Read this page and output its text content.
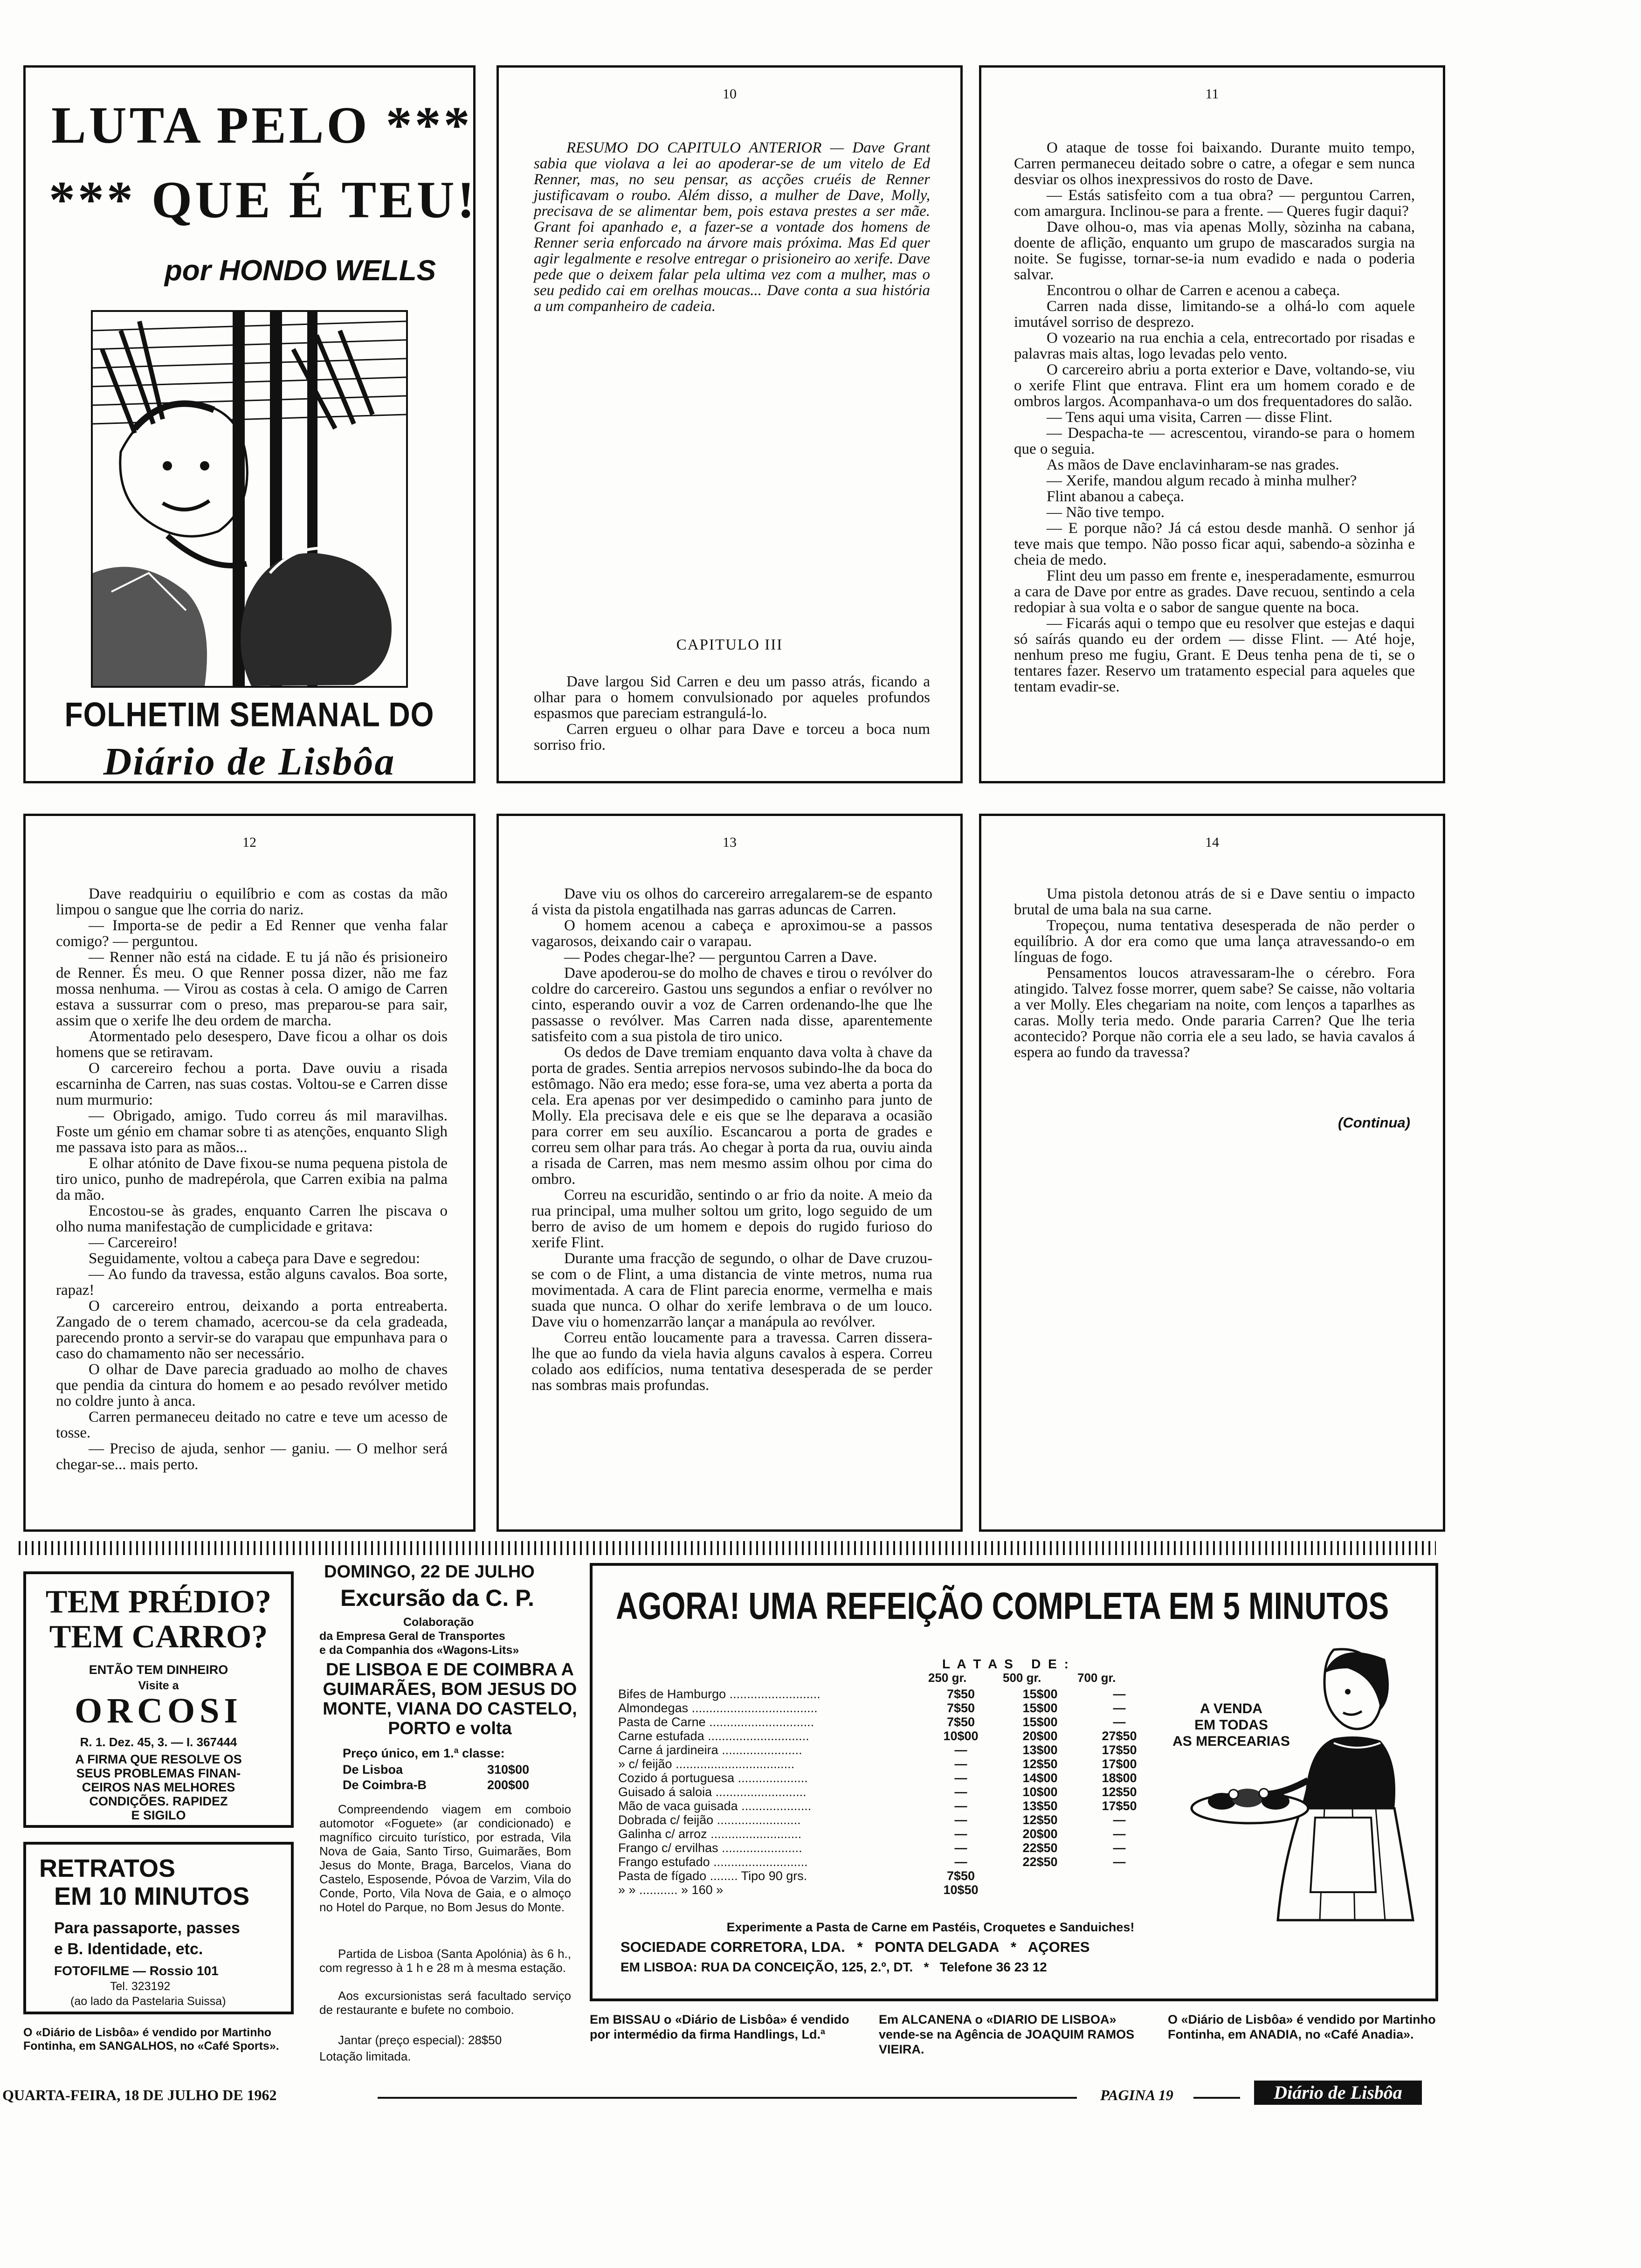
LUTA PELO ***
*** QUE É TEU!
por HONDO WELLS
FOLHETIM SEMANAL DO
Diário de Lisbôa
10

RESUMO DO CAPITULO ANTERIOR — Dave Grant sabia que violava a lei ao apoderar-se de um vitelo de Ed Renner, mas, no seu pensar, as acções cruéis de Renner justificavam o roubo. Além disso, a mulher de Dave, Molly, precisava de se alimentar bem, pois estava prestes a ser mãe. Grant foi apanhado e, a fazer-se a vontade dos homens de Renner seria enforcado na árvore mais próxima. Mas Ed quer agir legalmente e resolve entregar o prisioneiro ao xerife. Dave pede que o deixem falar pela ultima vez com a mulher, mas o seu pedido cai em orelhas moucas... Dave conta a sua história a um companheiro de cadeia.

CAPITULO III

Dave largou Sid Carren e deu um passo atrás, ficando a olhar para o homem convulsionado por aqueles profundos espasmos que pareciam estrangulá-lo.

Carren ergueu o olhar para Dave e torceu a boca num sorriso frio.

11

O ataque de tosse foi baixando. Durante muito tempo, Carren permaneceu deitado sobre o catre, a ofegar e sem nunca desviar os olhos inexpressivos do rosto de Dave.

— Estás satisfeito com a tua obra? — perguntou Carren, com amargura. Inclinou-se para a frente. — Queres fugir daqui?

Dave olhou-o, mas via apenas Molly, sòzinha na cabana, doente de aflição, enquanto um grupo de mascarados surgia na noite. Se fugisse, tornar-se-ia num evadido e nada o poderia salvar.

Encontrou o olhar de Carren e acenou a cabeça.

Carren nada disse, limitando-se a olhá-lo com aquele imutável sorriso de desprezo.

O vozeario na rua enchia a cela, entrecortado por risadas e palavras mais altas, logo levadas pelo vento.

O carcereiro abriu a porta exterior e Dave, voltando-se, viu o xerife Flint que entrava. Flint era um homem corado e de ombros largos. Acompanhava-o um dos frequentadores do salão.

— Tens aqui uma visita, Carren — disse Flint.

— Despacha-te — acrescentou, virando-se para o homem que o seguia.

As mãos de Dave enclavinharam-se nas grades.

— Xerife, mandou algum recado à minha mulher?

Flint abanou a cabeça.

— Não tive tempo.

— E porque não? Já cá estou desde manhã. O senhor já teve mais que tempo. Não posso ficar aqui, sabendo-a sòzinha e cheia de medo.

Flint deu um passo em frente e, inesperadamente, esmurrou a cara de Dave por entre as grades. Dave recuou, sentindo a cela redopiar à sua volta e o sabor de sangue quente na boca.

— Ficarás aqui o tempo que eu resolver que estejas e daqui só saírás quando eu der ordem — disse Flint. — Até hoje, nenhum preso me fugiu, Grant. E Deus tenha pena de ti, se o tentares fazer. Reservo um tratamento especial para aqueles que tentam evadir-se.

12

Dave readquiriu o equilíbrio e com as costas da mão limpou o sangue que lhe corria do nariz.

— Importa-se de pedir a Ed Renner que venha falar comigo? — perguntou.

— Renner não está na cidade. E tu já não és prisioneiro de Renner. És meu. O que Renner possa dizer, não me faz mossa nenhuma. — Virou as costas à cela. O amigo de Carren estava a sussurrar com o preso, mas preparou-se para sair, assim que o xerife lhe deu ordem de marcha.

Atormentado pelo desespero, Dave ficou a olhar os dois homens que se retiravam.

O carcereiro fechou a porta. Dave ouviu a risada escarninha de Carren, nas suas costas. Voltou-se e Carren disse num murmurio:

— Obrigado, amigo. Tudo correu ás mil maravilhas. Foste um génio em chamar sobre ti as atenções, enquanto Sligh me passava isto para as mãos...

E olhar atónito de Dave fixou-se numa pequena pistola de tiro unico, punho de madrepérola, que Carren exibia na palma da mão.

Encostou-se às grades, enquanto Carren lhe piscava o olho numa manifestação de cumplicidade e gritava:

— Carcereiro!

Seguidamente, voltou a cabeça para Dave e segredou:

— Ao fundo da travessa, estão alguns cavalos. Boa sorte, rapaz!

O carcereiro entrou, deixando a porta entreaberta. Zangado de o terem chamado, acercou-se da cela gradeada, parecendo pronto a servir-se do varapau que empunhava para o caso do chamamento não ser necessário.

O olhar de Dave parecia graduado ao molho de chaves que pendia da cintura do homem e ao pesado revólver metido no coldre junto à anca.

Carren permaneceu deitado no catre e teve um acesso de tosse.

— Preciso de ajuda, senhor — ganiu. — O melhor será chegar-se... mais perto.

13

Dave viu os olhos do carcereiro arregalarem-se de espanto á vista da pistola engatilhada nas garras aduncas de Carren.

O homem acenou a cabeça e aproximou-se a passos vagarosos, deixando cair o varapau.

— Podes chegar-lhe? — perguntou Carren a Dave.

Dave apoderou-se do molho de chaves e tirou o revólver do coldre do carcereiro. Gastou uns segundos a enfiar o revólver no cinto, esperando ouvir a voz de Carren ordenando-lhe que lhe passasse o revólver. Mas Carren nada disse, aparentemente satisfeito com a sua pistola de tiro unico.

Os dedos de Dave tremiam enquanto dava volta à chave da porta de grades. Sentia arrepios nervosos subindo-lhe da boca do estômago. Não era medo; esse fora-se, uma vez aberta a porta da cela. Era apenas por ver desimpedido o caminho para junto de Molly. Ela precisava dele e eis que se lhe deparava a ocasião para correr em seu auxílio. Escancarou a porta de grades e correu sem olhar para trás. Ao chegar à porta da rua, ouviu ainda a risada de Carren, mas nem mesmo assim olhou por cima do ombro.

Correu na escuridão, sentindo o ar frio da noite. A meio da rua principal, uma mulher soltou um grito, logo seguido de um berro de aviso de um homem e depois do rugido furioso do xerife Flint.

Durante uma fracção de segundo, o olhar de Dave cruzou-se com o de Flint, a uma distancia de vinte metros, numa rua movimentada. A cara de Flint parecia enorme, vermelha e mais suada que nunca. O olhar do xerife lembrava o de um louco. Dave viu o homenzarrão lançar a manápula ao revólver.

Correu então loucamente para a travessa. Carren dissera-lhe que ao fundo da viela havia alguns cavalos à espera. Correu colado aos edifícios, numa tentativa desesperada de se perder nas sombras mais profundas.

14

Uma pistola detonou atrás de si e Dave sentiu o impacto brutal de uma bala na sua carne.

Tropeçou, numa tentativa desesperada de não perder o equilíbrio. A dor era como que uma lança atravessando-o em línguas de fogo.

Pensamentos loucos atravessaram-lhe o cérebro. Fora atingido. Talvez fosse morrer, quem sabe? Se caisse, não voltaria a ver Molly. Eles chegariam na noite, com lenços a taparlhes as caras. Molly teria medo. Onde pararia Carren? Que lhe teria acontecido? Porque não corria ele a seu lado, se havia cavalos á espera ao fundo da travessa?

(Continua)
TEM PRÉDIO?
TEM CARRO?
ENTÃO TEM DINHEIRO
Visite a
ORCOSI
R. 1. Dez. 45, 3. — I. 367444
A FIRMA QUE RESOLVE OS
SEUS PROBLEMAS FINAN-
CEIROS NAS MELHORES
CONDIÇÕES. RAPIDEZ
E SIGILO
RETRATOS
EM 10 MINUTOS
Para passaporte, passes
e B. Identidade, etc.
FOTOFILME — Rossio 101
Tel. 323192
(ao lado da Pastelaria Suissa)
DOMINGO, 22 DE JULHO
Excursão da C. P.
Colaboração
da Empresa Geral de Transportes
e da Companhia dos «Wagons-Lits»
DE LISBOA E DE COIMBRA A GUIMARÃES, BOM JESUS DO MONTE, VIANA DO CASTELO, PORTO e volta
Preço único, em 1.ª classe:
De Lisboa	310$00
De Coimbra-B	200$00
Compreendendo viagem em comboio automotor «Foguete» (ar condicionado) e magnífico circuito turístico, por estrada, Vila Nova de Gaia, Santo Tirso, Guimarães, Bom Jesus do Monte, Braga, Barcelos, Viana do Castelo, Esposende, Póvoa de Varzim, Vila do Conde, Porto, Vila Nova de Gaia, e o almoço no Hotel do Parque, no Bom Jesus do Monte.
Partida de Lisboa (Santa Apolónia) às 6 h., com regresso à 1 h e 28 m à mesma estação.
Aos excursionistas será facultado serviço de restaurante e bufete no comboio.
Jantar (preço especial): 28$50
Lotação limitada.
AGORA! UMA REFEIÇÃO COMPLETA EM 5 MINUTOS
L A T A S   D E :
250 gr.	500 gr.	700 gr.
Bifes de Hamburgo ..........................	7$50	15$00	—
Almondegas ....................................	7$50	15$00	—
Pasta de Carne ..............................	7$50	15$00	—
Carne estufada .............................	10$00	20$00	27$50
Carne á jardineira .......................	—	13$00	17$50
» c/ feijão ..................................	—	12$50	17$00
Cozido á portuguesa ....................	—	14$00	18$00
Guisado á saloia ..........................	—	10$00	12$50
Mão de vaca guisada ....................	—	13$50	17$50
Dobrada c/ feijão ........................	—	12$50	—
Galinha c/ arroz ..........................	—	20$00	—
Frango c/ ervilhas .......................	—	22$50	—
Frango estufado ...........................	—	22$50	—
Pasta de fígado ........ Tipo 90 grs.	7$50
» » ........... » 160 »	10$50
A VENDA
EM TODAS
AS MERCEARIAS
Experimente a Pasta de Carne em Pastéis, Croquetes e Sanduiches!
SOCIEDADE CORRETORA, LDA.   *   PONTA DELGADA   *   AÇORES
EM LISBOA: RUA DA CONCEIÇÃO, 125, 2.º, DT.   *   Telefone 36 23 12
O «Diário de Lisbôa» é vendido por Martinho Fontinha, em SANGALHOS, no «Café Sports».
Em BISSAU o «Diário de Lisbôa» é vendido por intermédio da firma Handlings, Ld.ª
Em ALCANENA o «DIARIO DE LISBOA» vende-se na Agência de JOAQUIM RAMOS VIEIRA.
O «Diário de Lisbôa» é vendido por Martinho Fontinha, em ANADIA, no «Café Anadia».
QUARTA-FEIRA, 18 DE JULHO DE 1962	PAGINA 19	Diário de Lisbôa
